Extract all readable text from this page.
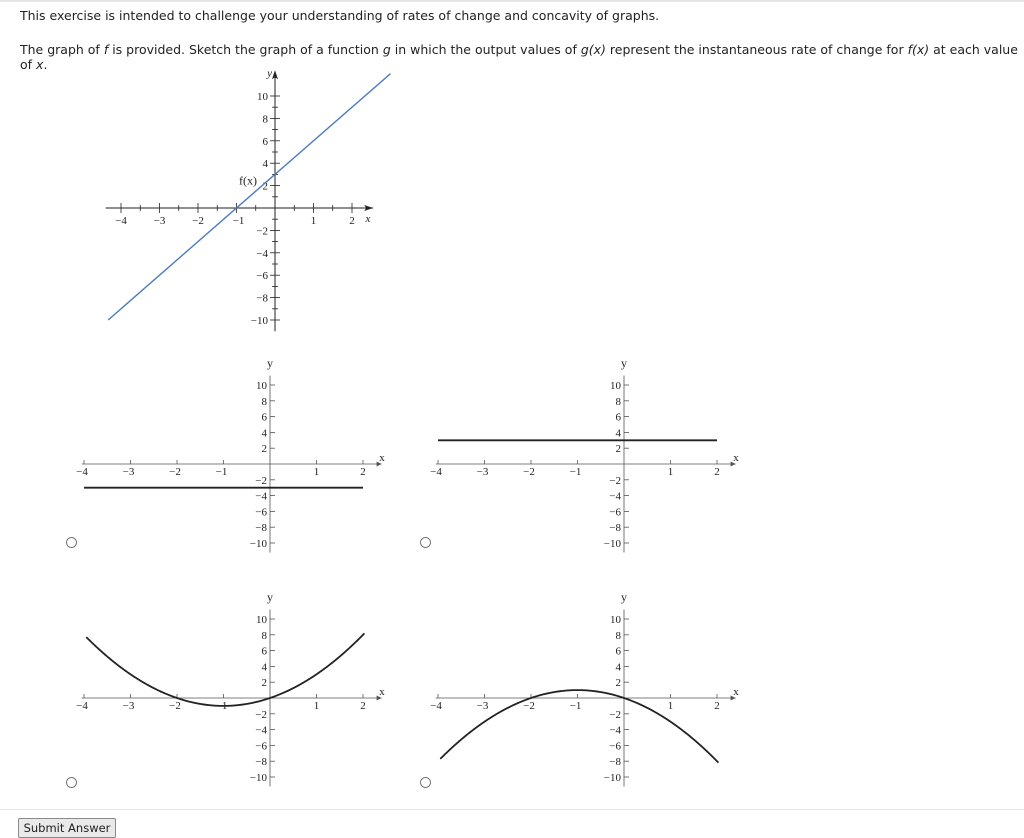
This exercise is intended to challenge your understanding of rates of change and concavity of graphs.
The graph of f is provided. Sketch the graph of a function g in which the output values of g(x) represent the instantaneous rate of change for f(x) at each value of x.
−4 −3 −2	−1	1	2
10
8
6
4
2
−2
−4
−6
−8
−10
x
y
f(x)
10
8
6
4
2
−2
−4
−6
−8
−10
−4	−3	−2	−1	1	2
x
y
10
8
6
4
2
−2
−4
−6
−8
−10
−4	−3	−2	−1	1	2
x
y
10
8
6
4
2
−2
−4
−6
−8
−10
−4	−3	−2	−1	1	2
x
y
10
8
6
4
2
−2
−4
−6
−8
−10
−4	−3	−2	−1	1	2
x
y
Submit Answer
